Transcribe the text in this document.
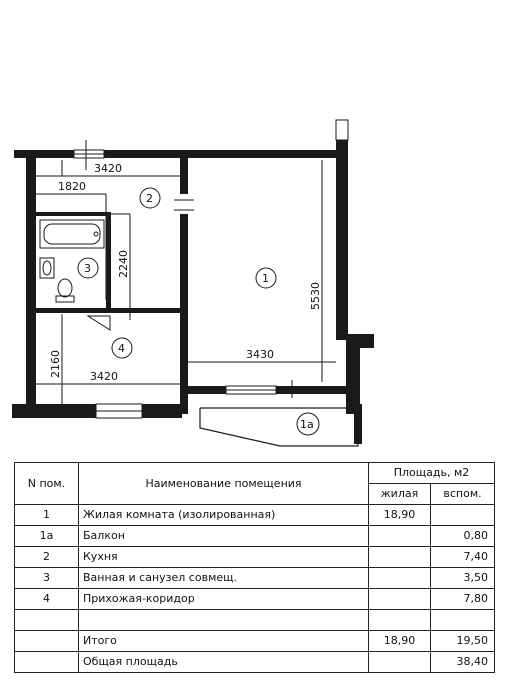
3420
1820
2240
5530
3430
2160	3420
1
2
3
4
1a
N пом.	Наименование помещения	Площадь, м2	
		жилая	вспом.
1	Жилая комната (изолированная)	18,90	
1а	Балкон		0,80
2	Кухня		7,40
3	Ванная и санузел совмещ.		3,50
4	Прихожая-коридор		7,80

	Итого	18,90	19,50
	Общая площадь		38,40
